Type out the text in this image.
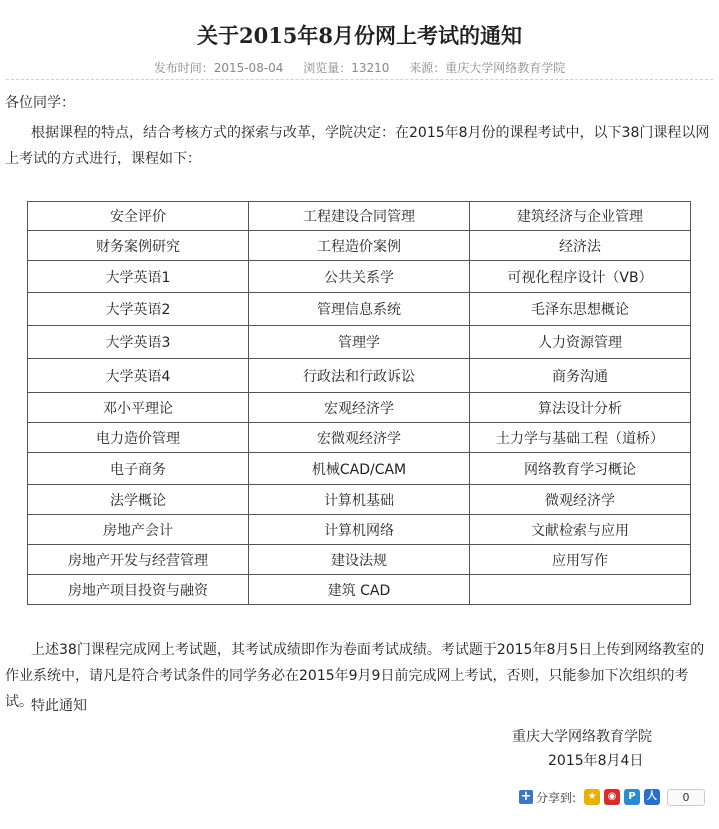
关于2015年8月份网上考试的通知
发布时间：2015-08-04 浏览量：13210 来源：重庆大学网络教育学院
各位同学：
根据课程的特点，结合考核方式的探索与改革，学院决定：在2015年8月份的课程考试中，以下38门课程以网上考试的方式进行，课程如下：
安全评价	工程建设合同管理	建筑经济与企业管理
财务案例研究	工程造价案例	经济法
大学英语1	公共关系学	可视化程序设计（VB）
大学英语2	管理信息系统	毛泽东思想概论
大学英语3	管理学	人力资源管理
大学英语4	行政法和行政诉讼	商务沟通
邓小平理论	宏观经济学	算法设计分析
电力造价管理	宏微观经济学	土力学与基础工程（道桥）
电子商务	机械CAD/CAM	网络教育学习概论
法学概论	计算机基础	微观经济学
房地产会计	计算机网络	文献检索与应用
房地产开发与经营管理	建设法规	应用写作
房地产项目投资与融资	建筑 CAD	
上述38门课程完成网上考试题，其考试成绩即作为卷面考试成绩。考试题于2015年8月5日上传到网络教室的作业系统中，请凡是符合考试条件的同学务必在2015年9月9日前完成网上考试，否则，只能参加下次组织的考试。
特此通知
重庆大学网络教育学院
2015年8月4日
+ 分享到:	★	◉	P	人	0
